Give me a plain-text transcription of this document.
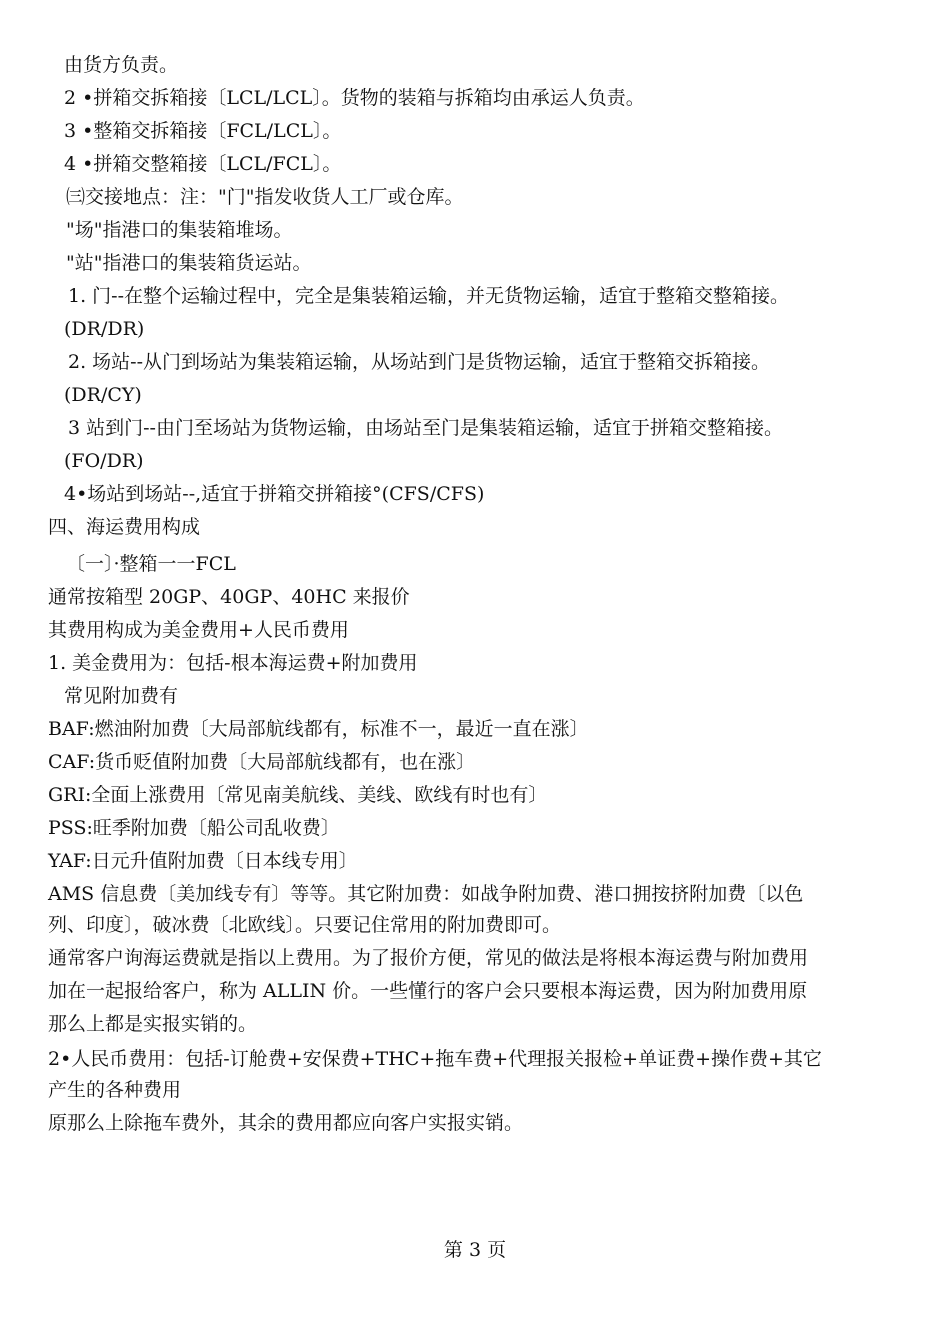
由货方负责。
2 •拼箱交拆箱接〔LCL/LCL〕。货物的装箱与拆箱均由承运人负责。
3 •整箱交拆箱接〔FCL/LCL〕。
4 •拼箱交整箱接〔LCL/FCL〕。
㈢交接地点：注："门"指发收货人工厂或仓库。
"场"指港口的集装箱堆场。
"站"指港口的集装箱货运站。
1. 门--在整个运输过程中，完全是集装箱运输，并无货物运输，适宜于整箱交整箱接。
(DR/DR)
2. 场站--从门到场站为集装箱运输，从场站到门是货物运输，适宜于整箱交拆箱接。
(DR/CY)
3 站到门--由门至场站为货物运输，由场站至门是集装箱运输，适宜于拼箱交整箱接。
(FO/DR)
4•场站到场站--,适宜于拼箱交拼箱接°(CFS/CFS)
四、海运费用构成
〔一〕·整箱一一FCL
通常按箱型 20GP、40GP、40HC 来报价
其费用构成为美金费用+人民币费用
1. 美金费用为：包括-根本海运费+附加费用
常见附加费有
BAF:燃油附加费〔大局部航线都有，标准不一，最近一直在涨〕
CAF:货币贬值附加费〔大局部航线都有，也在涨〕
GRI:全面上涨费用〔常见南美航线、美线、欧线有时也有〕
PSS:旺季附加费〔船公司乱收费〕
YAF:日元升值附加费〔日本线专用〕
AMS 信息费〔美加线专有〕等等。其它附加费：如战争附加费、港口拥按挤附加费〔以色
列、印度〕，破冰费〔北欧线〕。只要记住常用的附加费即可。
通常客户询海运费就是指以上费用。为了报价方便，常见的做法是将根本海运费与附加费用
加在一起报给客户，称为 ALLIN 价。一些懂行的客户会只要根本海运费，因为附加费用原
那么上都是实报实销的。
2•人民币费用：包括-订舱费+安保费+THC+拖车费+代理报关报检+单证费+操作费+其它
产生的各种费用
原那么上除拖车费外，其余的费用都应向客户实报实销。
第 3 页
